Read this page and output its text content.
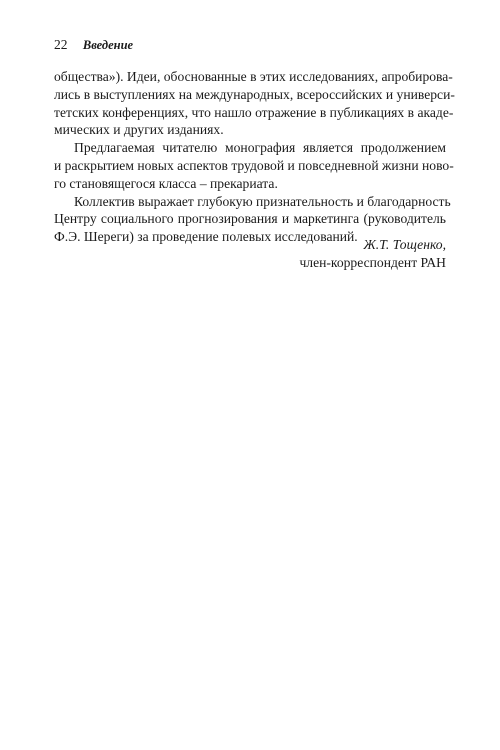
22 Введение
общества»). Идеи, обоснованные в этих исследованиях, апробирова-
лись в выступлениях на международных, всероссийских и универси-
тетских конференциях, что нашло отражение в публикациях в акаде-
мических и других изданиях.
Предлагаемая читателю монография является продолжением
и раскрытием новых аспектов трудовой и повседневной жизни ново-
го становящегося класса – прекариата.
Коллектив выражает глубокую признательность и благодарность
Центру социального прогнозирования и маркетинга (руководитель
Ф.Э. Шереги) за проведение полевых исследований.
Ж.Т. Тощенко,
член-корреспондент РАН
